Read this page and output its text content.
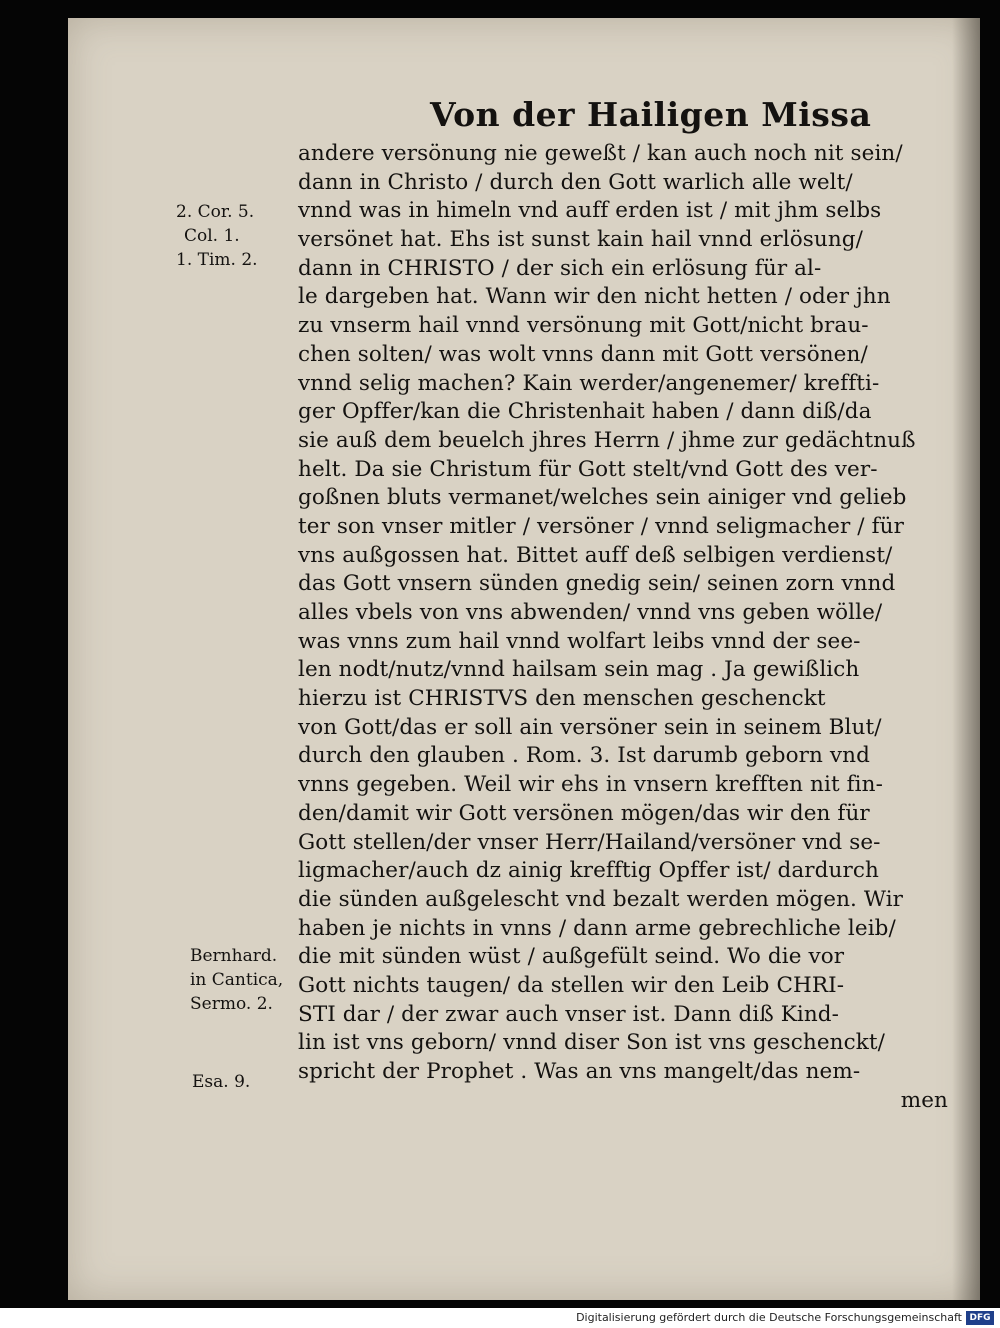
Von der Hailigen Missa
2. Cor. 5.
Col. 1.
1. Tim. 2.
Bernhard.
in Cantica,
Sermo. 2.
Esa. 9.
andere versönung nie geweßt / kan auch noch nit sein/
dann in Christo / durch den Gott warlich alle welt/
vnnd was in himeln vnd auff erden ist / mit jhm selbs
versönet hat. Ehs ist sunst kain hail vnnd erlösung/
dann in CHRISTO / der sich ein erlösung für al-
le dargeben hat. Wann wir den nicht hetten / oder jhn
zu vnserm hail vnnd versönung mit Gott/nicht brau-
chen solten/ was wolt vnns dann mit Gott versönen/
vnnd selig machen? Kain werder/angenemer/ kreffti-
ger Opffer/kan die Christenhait haben / dann diß/da
sie auß dem beuelch jhres Herrn / jhme zur gedächtnuß
helt. Da sie Christum für Gott stelt/vnd Gott des ver-
goßnen bluts vermanet/welches sein ainiger vnd gelieb
ter son vnser mitler / versöner / vnnd seligmacher / für
vns außgossen hat. Bittet auff deß selbigen verdienst/
das Gott vnsern sünden gnedig sein/ seinen zorn vnnd
alles vbels von vns abwenden/ vnnd vns geben wölle/
was vnns zum hail vnnd wolfart leibs vnnd der see-
len nodt/nutz/vnnd hailsam sein mag . Ja gewißlich
hierzu ist CHRISTVS den menschen geschenckt
von Gott/das er soll ain versöner sein in seinem Blut/
durch den glauben . Rom. 3. Ist darumb geborn vnd
vnns gegeben. Weil wir ehs in vnsern krefften nit fin-
den/damit wir Gott versönen mögen/das wir den für
Gott stellen/der vnser Herr/Hailand/versöner vnd se-
ligmacher/auch dz ainig krefftig Opffer ist/ dardurch
die sünden außgelescht vnd bezalt werden mögen. Wir
haben je nichts in vnns / dann arme gebrechliche leib/
die mit sünden wüst / außgefült seind. Wo die vor
Gott nichts taugen/ da stellen wir den Leib CHRI-
STI dar / der zwar auch vnser ist. Dann diß Kind-
lin ist vns geborn/ vnnd diser Son ist vns geschenckt/
spricht der Prophet . Was an vns mangelt/das nem-
men
Digitalisierung gefördert durch die Deutsche Forschungsgemeinschaft DFG
